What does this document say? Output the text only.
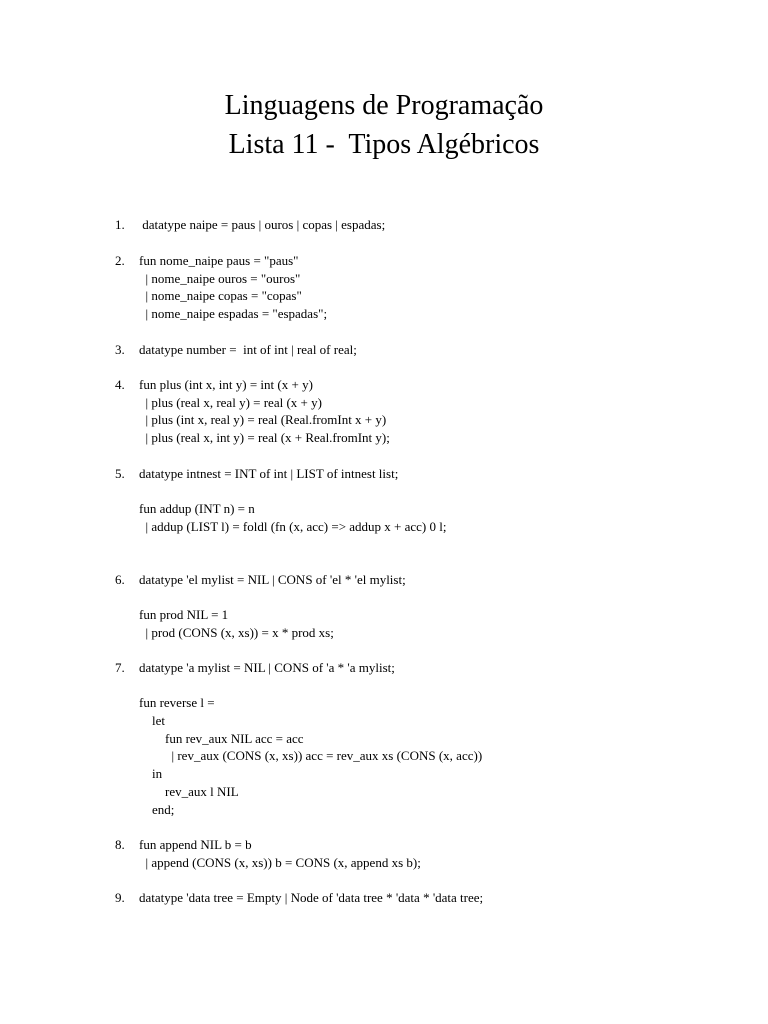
Linguagens de Programação
Lista 11 -  Tipos Algébricos
1. datatype naipe = paus | ouros | copas | espadas;
2. fun nome_naipe paus = "paus"
| nome_naipe ouros = "ouros"
| nome_naipe copas = "copas"
| nome_naipe espadas = "espadas";
3. datatype number =  int of int | real of real;
4. fun plus (int x, int y) = int (x + y)
| plus (real x, real y) = real (x + y)
| plus (int x, real y) = real (Real.fromInt x + y)
| plus (real x, int y) = real (x + Real.fromInt y);
5. datatype intnest = INT of int | LIST of intnest list;
fun addup (INT n) = n
| addup (LIST l) = foldl (fn (x, acc) => addup x + acc) 0 l;
6. datatype 'el mylist = NIL | CONS of 'el * 'el mylist;
fun prod NIL = 1
| prod (CONS (x, xs)) = x * prod xs;
7. datatype 'a mylist = NIL | CONS of 'a * 'a mylist;
fun reverse l =
let
fun rev_aux NIL acc = acc
| rev_aux (CONS (x, xs)) acc = rev_aux xs (CONS (x, acc))
in
rev_aux l NIL
end;
8. fun append NIL b = b
| append (CONS (x, xs)) b = CONS (x, append xs b);
9. datatype 'data tree = Empty | Node of 'data tree * 'data * 'data tree;
